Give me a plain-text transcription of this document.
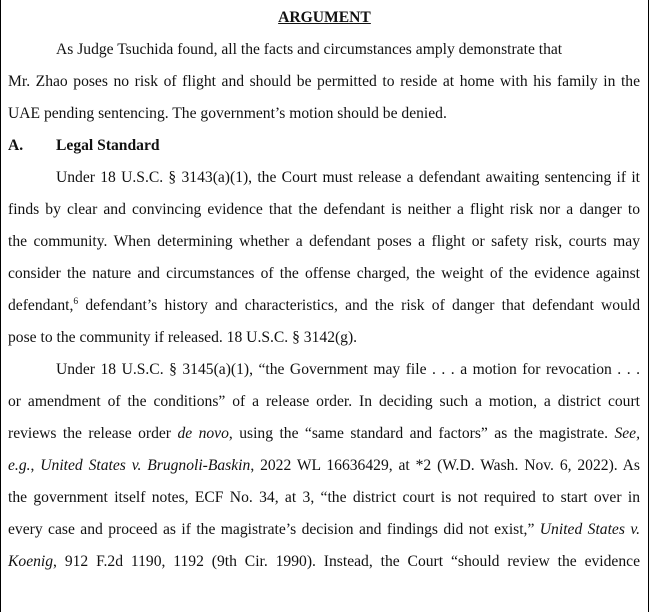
ARGUMENT
As Judge Tsuchida found, all the facts and circumstances amply demonstrate that
Mr. Zhao poses no risk of flight and should be permitted to reside at home with his family in the
UAE pending sentencing. The government’s motion should be denied.
A. Legal Standard
Under 18 U.S.C. § 3143(a)(1), the Court must release a defendant awaiting sentencing if it
finds by clear and convincing evidence that the defendant is neither a flight risk nor a danger to
the community. When determining whether a defendant poses a flight or safety risk, courts may
consider the nature and circumstances of the offense charged, the weight of the evidence against
defendant,$^6$ defendant’s history and characteristics, and the risk of danger that defendant would
pose to the community if released. 18 U.S.C. § 3142(g).
Under 18 U.S.C. § 3145(a)(1), “the Government may file . . . a motion for revocation . . .
or amendment of the conditions” of a release order. In deciding such a motion, a district court
reviews the release order de novo, using the “same standard and factors” as the magistrate. See,
e.g., United States v. Brugnoli-Baskin, 2022 WL 16636429, at *2 (W.D. Wash. Nov. 6, 2022). As
the government itself notes, ECF No. 34, at 3, “the district court is not required to start over in
every case and proceed as if the magistrate’s decision and findings did not exist,” United States v.
Koenig, 912 F.2d 1190, 1192 (9th Cir. 1990). Instead, the Court “should review the evidence
